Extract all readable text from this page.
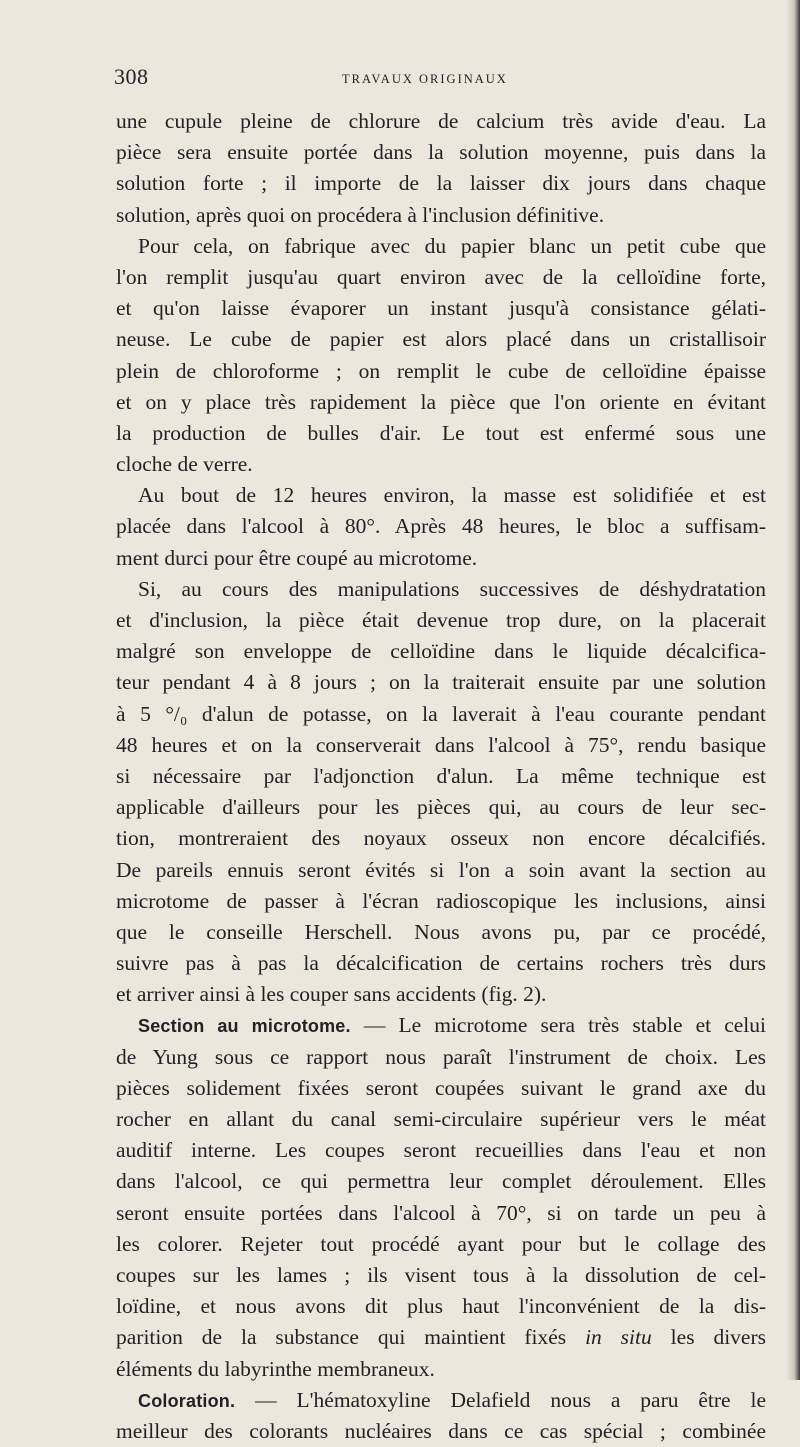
308	TRAVAUX ORIGINAUX
une cupule pleine de chlorure de calcium très avide d'eau. La
pièce sera ensuite portée dans la solution moyenne, puis dans la
solution forte ; il importe de la laisser dix jours dans chaque
solution, après quoi on procédera à l'inclusion définitive.
Pour cela, on fabrique avec du papier blanc un petit cube que
l'on remplit jusqu'au quart environ avec de la celloïdine forte,
et qu'on laisse évaporer un instant jusqu'à consistance gélati-
neuse. Le cube de papier est alors placé dans un cristallisoir
plein de chloroforme ; on remplit le cube de celloïdine épaisse
et on y place très rapidement la pièce que l'on oriente en évitant
la production de bulles d'air. Le tout est enfermé sous une
cloche de verre.
Au bout de 12 heures environ, la masse est solidifiée et est
placée dans l'alcool à 80°. Après 48 heures, le bloc a suffisam-
ment durci pour être coupé au microtome.
Si, au cours des manipulations successives de déshydratation
et d'inclusion, la pièce était devenue trop dure, on la placerait
malgré son enveloppe de celloïdine dans le liquide décalcifica-
teur pendant 4 à 8 jours ; on la traiterait ensuite par une solution
à 5 °/₀ d'alun de potasse, on la laverait à l'eau courante pendant
48 heures et on la conserverait dans l'alcool à 75°, rendu basique
si nécessaire par l'adjonction d'alun. La même technique est
applicable d'ailleurs pour les pièces qui, au cours de leur sec-
tion, montreraient des noyaux osseux non encore décalcifiés.
De pareils ennuis seront évités si l'on a soin avant la section au
microtome de passer à l'écran radioscopique les inclusions, ainsi
que le conseille Herschell. Nous avons pu, par ce procédé,
suivre pas à pas la décalcification de certains rochers très durs
et arriver ainsi à les couper sans accidents (fig. 2).
Section au microtome. — Le microtome sera très stable et celui
de Yung sous ce rapport nous paraît l'instrument de choix. Les
pièces solidement fixées seront coupées suivant le grand axe du
rocher en allant du canal semi-circulaire supérieur vers le méat
auditif interne. Les coupes seront recueillies dans l'eau et non
dans l'alcool, ce qui permettra leur complet déroulement. Elles
seront ensuite portées dans l'alcool à 70°, si on tarde un peu à
les colorer. Rejeter tout procédé ayant pour but le collage des
coupes sur les lames ; ils visent tous à la dissolution de cel-
loïdine, et nous avons dit plus haut l'inconvénient de la dis-
parition de la substance qui maintient fixés in situ les divers
éléments du labyrinthe membraneux.
Coloration. — L'hématoxyline Delafield nous a paru être le
meilleur des colorants nucléaires dans ce cas spécial ; combinée
